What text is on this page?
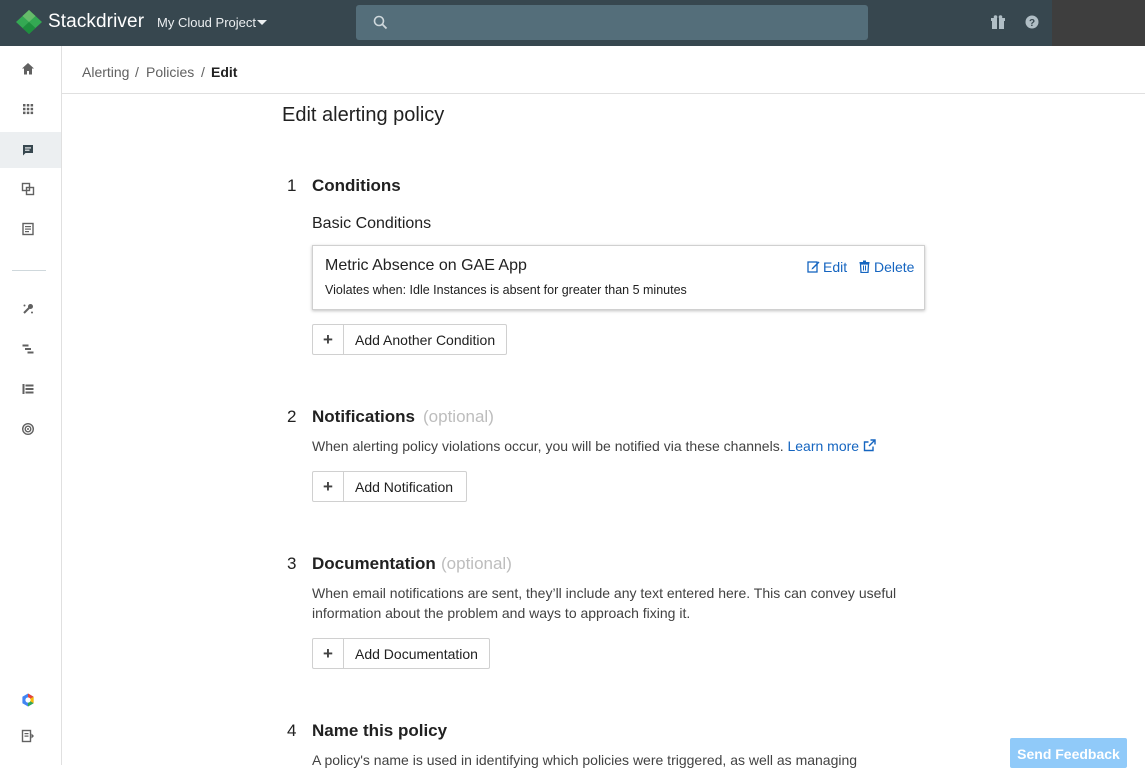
Stackdriver My Cloud Project	?
Alerting / Policies / Edit
Edit alerting policy
1 Conditions
Basic Conditions
Metric Absence on GAE App
Violates when: Idle Instances is absent for greater than 5 minutes
Edit	Delete
+	Add Another Condition
2 Notifications (optional)
When alerting policy violations occur, you will be notified via these channels. Learn more
+	Add Notification
3 Documentation (optional)
When email notifications are sent, they’ll include any text entered here. This can convey useful
information about the problem and ways to approach fixing it.
+	Add Documentation
4 Name this policy
A policy's name is used in identifying which policies were triggered, as well as managing	Send Feedback
